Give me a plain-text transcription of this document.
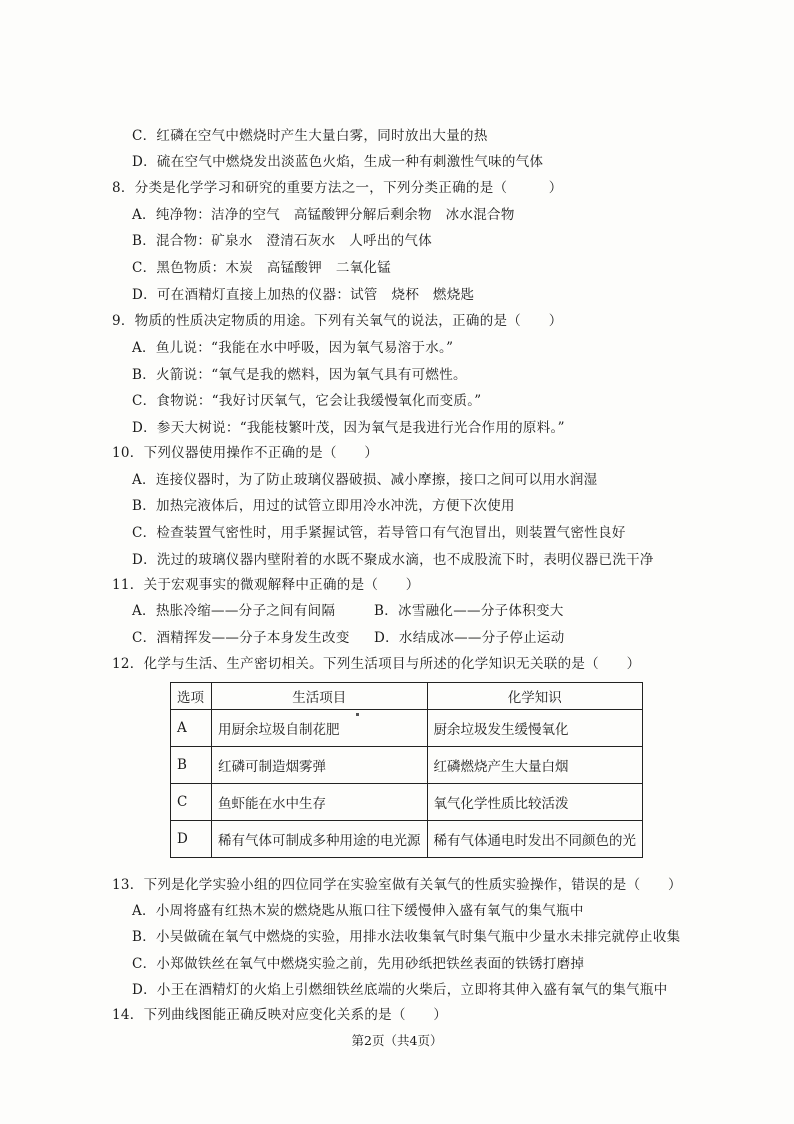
C．红磷在空气中燃烧时产生大量白雾，同时放出大量的热
D．硫在空气中燃烧发出淡蓝色火焰，生成一种有刺激性气味的气体
8．分类是化学学习和研究的重要方法之一，下列分类正确的是（　　　）
A．纯净物：洁净的空气　高锰酸钾分解后剩余物　冰水混合物
B．混合物：矿泉水　澄清石灰水　人呼出的气体
C．黑色物质：木炭　高锰酸钾　二氧化锰
D．可在酒精灯直接上加热的仪器：试管　烧杯　燃烧匙
9．物质的性质决定物质的用途。下列有关氧气的说法，正确的是（　　）
A．鱼儿说：“我能在水中呼吸，因为氧气易溶于水。”
B．火箭说：“氧气是我的燃料，因为氧气具有可燃性。
C．食物说：“我好讨厌氧气，它会让我缓慢氧化而变质。”
D．参天大树说：“我能枝繁叶茂，因为氧气是我进行光合作用的原料。”
10．下列仪器使用操作不正确的是（　　）
A．连接仪器时，为了防止玻璃仪器破损、减小摩擦，接口之间可以用水润湿
B．加热完液体后，用过的试管立即用冷水冲洗，方便下次使用
C．检查装置气密性时，用手紧握试管，若导管口有气泡冒出，则装置气密性良好
D．洗过的玻璃仪器内壁附着的水既不聚成水滴，也不成股流下时，表明仪器已洗干净
11．关于宏观事实的微观解释中正确的是（　　）
A．热胀冷缩——分子之间有间隔	B．冰雪融化——分子体积变大
C．酒精挥发——分子本身发生改变 D．水结成冰——分子停止运动
12．化学与生活、生产密切相关。下列生活项目与所述的化学知识无关联的是（　　）
选项	生活项目	化学知识
A	用厨余垃圾自制花肥	厨余垃圾发生缓慢氧化
B	红磷可制造烟雾弹	红磷燃烧产生大量白烟
C	鱼虾能在水中生存	氧气化学性质比较活泼
D	稀有气体可制成多种用途的电光源	稀有气体通电时发出不同颜色的光
13．下列是化学实验小组的四位同学在实验室做有关氧气的性质实验操作，错误的是（　　）
A．小周将盛有红热木炭的燃烧匙从瓶口往下缓慢伸入盛有氧气的集气瓶中
B．小吴做硫在氧气中燃烧的实验，用排水法收集氧气时集气瓶中少量水未排完就停止收集
C．小郑做铁丝在氧气中燃烧实验之前，先用砂纸把铁丝表面的铁锈打磨掉
D．小王在酒精灯的火焰上引燃细铁丝底端的火柴后，立即将其伸入盛有氧气的集气瓶中
14．下列曲线图能正确反映对应变化关系的是（　　）
第2页（共4页）
